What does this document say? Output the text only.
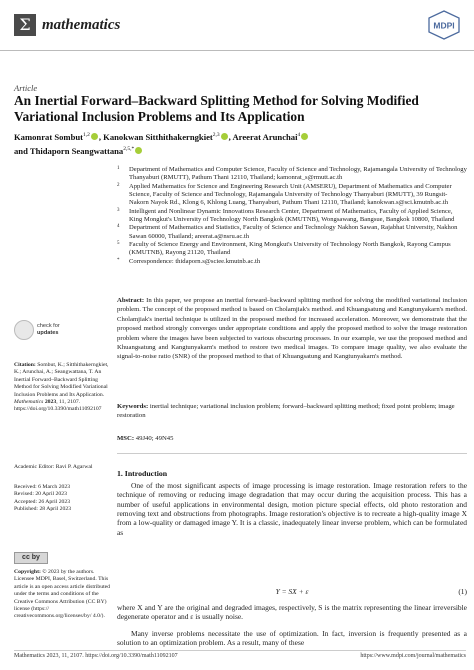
Σ mathematics	MDPI
Article
An Inertial Forward–Backward Splitting Method for Solving Modified Variational Inclusion Problems and Its Application
Kamonrat Sombut$^{1,2}$ , Kanokwan Sitthithakerngkiet$^{2,3}$ , Areerat Arunchai$^4$
and Thidaporn Seangwattana$^{2,5,*}$
1 Department of Mathematics and Computer Science, Faculty of Science and Technology, Rajamangala University of Technology Thanyaburi (RMUTT), Pathum Thani 12110, Thailand; kamonrat_s@rmutt.ac.th
2 Applied Mathematics for Science and Engineering Research Unit (AMSERU), Department of Mathematics and Computer Science, Faculty of Science and Technology, Rajamangala University of Technology Thanyaburi (RMUTT), 39 Rungsit-Nakorn Nayok Rd., Klong 6, Khlong Luang, Thanyaburi, Pathum Thani 12110, Thailand; kanokwan.s@sci.kmutnb.ac.th
3 Intelligent and Nonlinear Dynamic Innovations Research Center, Department of Mathematics, Faculty of Applied Science, King Mongkut's University of Technology North Bangkok (KMUTNB), Wongsawang, Bangsue, Bangkok 10800, Thailand
4 Department of Mathematics and Statistics, Faculty of Science and Technology Nakhon Sawan, Rajabhat University, Nakhon Sawan 60000, Thailand; areerat.a@nsru.ac.th
5 Faculty of Science Energy and Environment, King Mongkut's University of Technology North Bangkok, Rayong Campus (KMUTNB), Rayong 21120, Thailand
* Correspondence: thidaporn.s@sciee.kmutnb.ac.th
Abstract: In this paper, we propose an inertial forward–backward splitting method for solving the modified variational inclusion problem. The concept of the proposed method is based on Cholamjiak's method. and Khuangsatung and Kangtunyakarn's method. Cholamjiak's inertial technique is utilized in the proposed method for increased acceleration. Moreover, we demonstrate that the proposed method strongly converges under appropriate conditions and apply the proposed method to solve the image restoration problem where the images have been subjected to various obscuring processes. In our example, we use the proposed method and Khuangsatung and Kangtunyakarn's method to restore two medical images. To compare image quality, we also evaluate the signal-to-noise ratio (SNR) of the proposed method to that of Khuangsatung and Kangtunyakarn's method.
Keywords: inertial technique; variational inclusion problem; forward–backward splitting method; fixed point problem; image restoration
MSC: 49J40; 49N45
check for
updates
Citation: Sombut, K.; Sitthithakerngkiet, K.; Arunchai, A.; Seangwattana, T. An Inertial Forward–Backward Splitting Method for Solving Modified Variational Inclusion Problems and Its Application. Mathematics 2023, 11, 2107. https://doi.org/10.3390/math11092107
Academic Editor: Ravi P. Agarwal
Received: 6 March 2023
Revised: 20 April 2023
Accepted: 26 April 2023
Published: 28 April 2023
cc by
Copyright: © 2023 by the authors. Licensee MDPI, Basel, Switzerland. This article is an open access article distributed under the terms and conditions of the Creative Commons Attribution (CC BY) license (https:// creativecommons.org/licenses/by/ 4.0/).
1. Introduction
One of the most significant aspects of image processing is image restoration. Image restoration refers to the technique of removing or reducing image degradation that may occur during the acquisition process. This has a number of useful applications in environmental design, motion picture special effects, old photo restoration and removing text and obstructions from photographs. Image restoration's objective is to recreate a high-quality image X from a low-quality or damaged image Y. It is a classic, inadequately linear inverse problem, which can be formulated as
Y = SX + ε	(1)
where X and Y are the original and degraded images, respectively, S is the matrix representing the linear irreversible degenerate operator and ε is usually noise.
Many inverse problems necessitate the use of optimization. In fact, inversion is frequently presented as a solution to an optimization problem. As a result, many of these
Mathematics 2023, 11, 2107. https://doi.org/10.3390/math11092107	https://www.mdpi.com/journal/mathematics
